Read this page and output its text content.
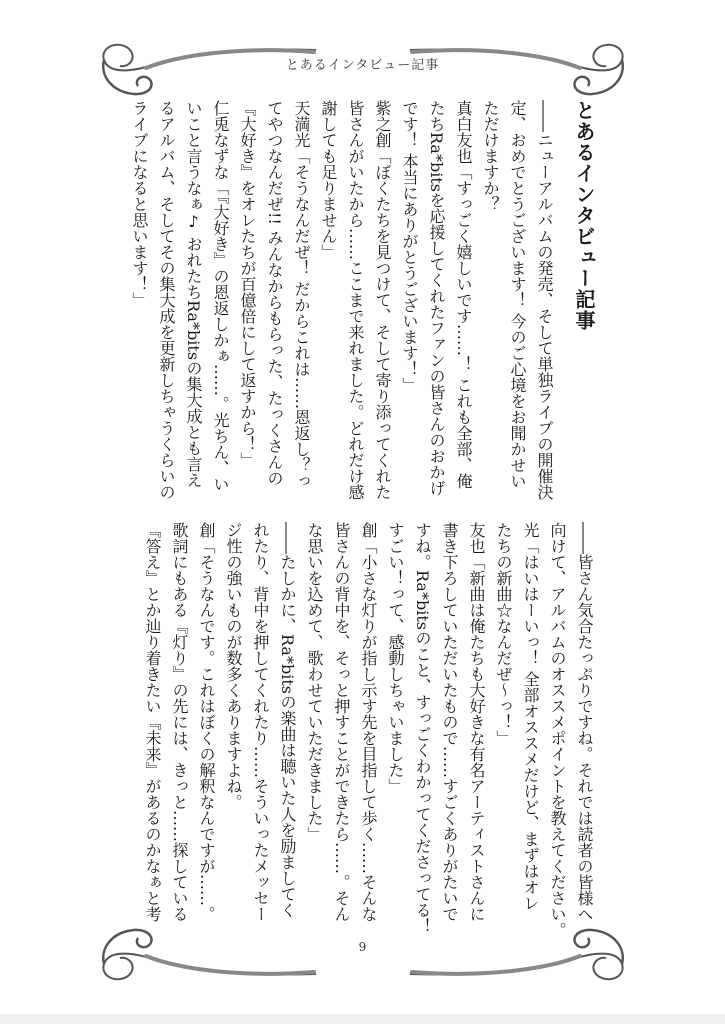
とあるインタビュー記事

とあるインタビュー記事

――ニューアルバムの発売、そして単独ライブの開催決

定、おめでとうございます！ 今のご心境をお聞かせい

ただけますか？

真白友也「すっごく嬉しいです……！ これも全部、俺

たちRa*bitsを応援してくれたファンの皆さんのおかげ

です！ 本当にありがとうございます！」

紫之創「ぼくたちを見つけて、そして寄り添ってくれた

皆さんがいたから……ここまで来れました。どれだけ感

謝しても足りません」

天満光「そうなんだぜ！ だからこれは……恩返し？っ

てやつなんだぜ!! みんなからもらった、たっくさんの

『大好き』をオレたちが百億倍にして返すから！」

仁兎なずな「『大好き』の恩返しかぁ……。光ちん、い

いこと言うなぁ♪ おれたちRa*bitsの集大成とも言え

るアルバム、そしてその集大成を更新しちゃうくらいの

ライブになると思います！」

――皆さん気合たっぷりですね。それでは読者の皆様へ

向けて、アルバムのオススメポイントを教えてください。

光「はいはーいっ！ 全部オススメだけど、まずはオレ

たちの新曲☆なんだぜ～っ！」

友也「新曲は俺たちも大好きな有名アーティストさんに

書き下ろしていただいたもので……すごくありがたいで

すね。Ra*bitsのこと、すっごくわかってくださってる！

すごい！って、感動しちゃいました」

創「小さな灯りが指し示す先を目指して歩く……そんな

皆さんの背中を、そっと押すことができたら……。そん

な思いを込めて、歌わせていただきました」

――たしかに、Ra*bitsの楽曲は聴いた人を励ましてく

れたり、背中を押してくれたり……そういったメッセー

ジ性の強いものが数多くありますよね。

創「そうなんです。これはぼくの解釈なんですが……。

歌詞にもある『灯り』の先には、きっと……探している

『答え』とか辿り着きたい『未来』があるのかなぁと考

9
